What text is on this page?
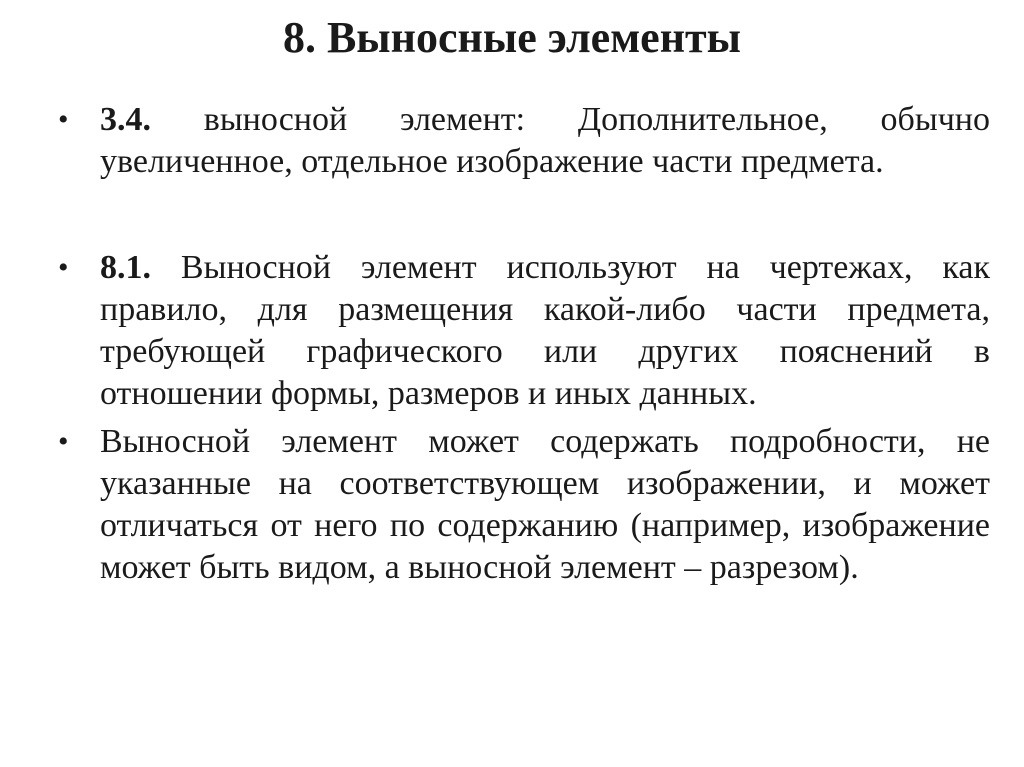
8. Выносные элементы
• 3.4. выносной элемент: Дополнительное, обычно увеличенное, отдельное изображение части предмета.
• 8.1. Выносной элемент используют на чертежах, как правило, для размещения какой-либо части предмета, требующей графического или других пояснений в отношении формы, размеров и иных данных.
• Выносной элемент может содержать подробности, не указанные на соответствующем изображении, и может отличаться от него по содержанию (например, изображение может быть видом, а выносной элемент – разрезом).
